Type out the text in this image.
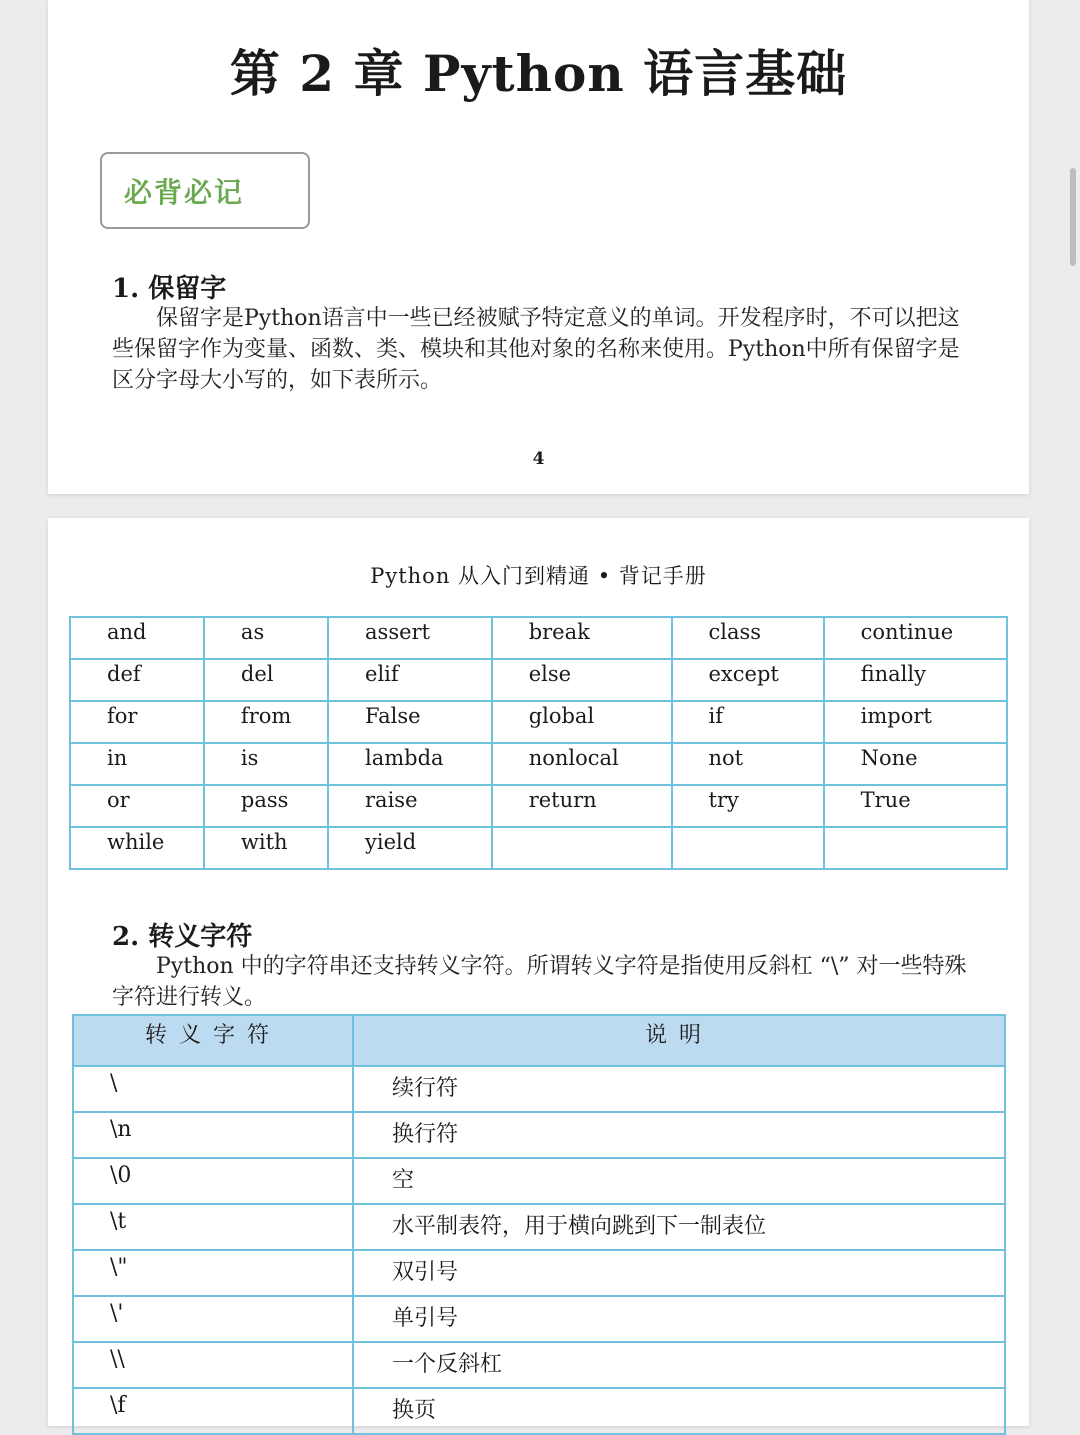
第 2 章 Python 语言基础
必背必记
1. 保留字

保留字是Python语言中一些已经被赋予特定意义的单词。开发程序时，不可以把这些保留字作为变量、函数、类、模块和其他对象的名称来使用。Python中所有保留字是区分字母大小写的，如下表所示。

4
Python 从入门到精通 • 背记手册
and	as	assert	break	class	continue
def	del	elif	else	except	finally
for	from	False	global	if	import
in	is	lambda	nonlocal	not	None
or	pass	raise	return	try	True
while	with	yield			
2. 转义字符

Python 中的字符串还支持转义字符。所谓转义字符是指使用反斜杠 “\” 对一些特殊字符进行转义。

转义字符	说明
\	续行符
\n	换行符
\0	空
\t	水平制表符，用于横向跳到下一制表位
\"	双引号
\'	单引号
\\	一个反斜杠
\f	换页
